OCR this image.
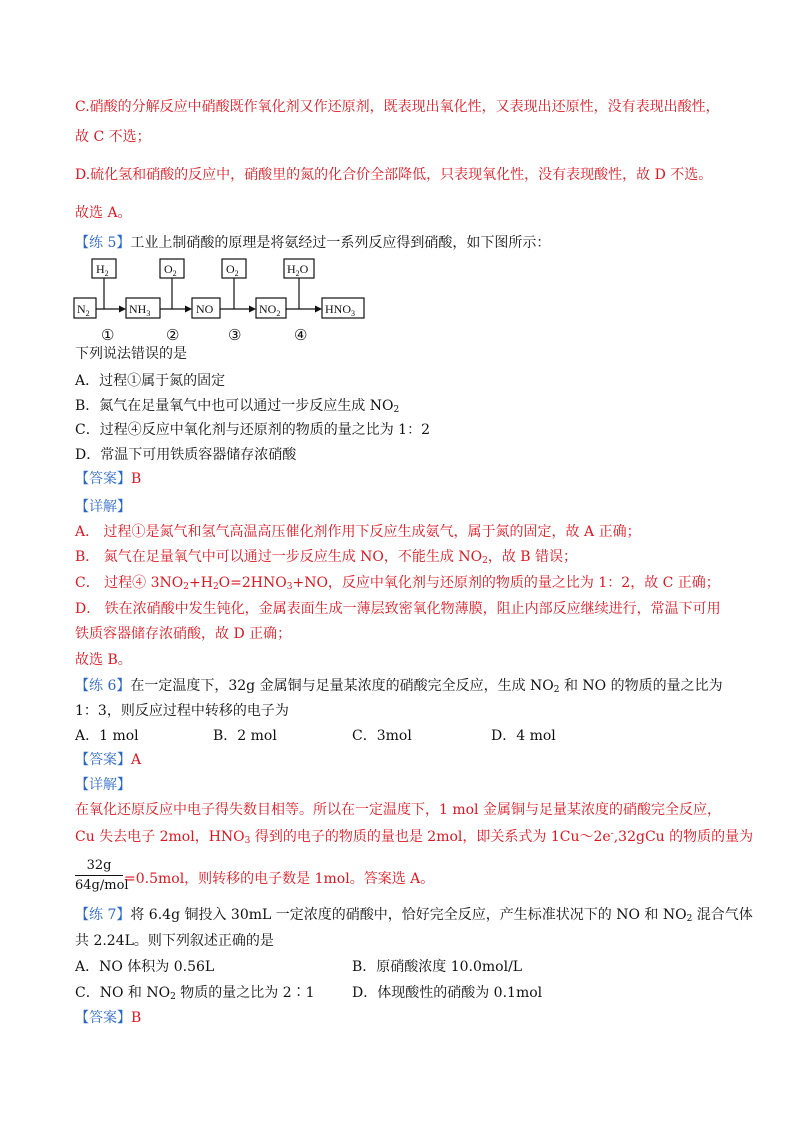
C.硝酸的分解反应中硝酸既作氧化剂又作还原剂，既表现出氧化性，又表现出还原性，没有表现出酸性，
故 C 不选；
D.硫化氢和硝酸的反应中，硝酸里的氮的化合价全部降低，只表现氧化性，没有表现酸性，故 D 不选。
故选 A。
【练 5】工业上制硝酸的原理是将氨经过一系列反应得到硝酸，如下图所示：
$H_2$	$O_2$	$O_2$	$H_2O$
$N_2$	$NH_3$	NO	$NO_2$	$HNO_3$
①	②	③	④
下列说法错误的是
A．过程①属于氮的固定
B．氮气在足量氧气中也可以通过一步反应生成 $NO_2$
C．过程④反应中氧化剂与还原剂的物质的量之比为 1：2
D．常温下可用铁质容器储存浓硝酸
【答案】B
【详解】
A． 过程①是氮气和氢气高温高压催化剂作用下反应生成氨气，属于氮的固定，故 A 正确；
B． 氮气在足量氧气中可以通过一步反应生成 NO，不能生成 $NO_2$，故 B 错误；
C． 过程④ $3NO_2+H_2O=2HNO_3+NO$，反应中氧化剂与还原剂的物质的量之比为 1：2，故 C 正确；
D． 铁在浓硝酸中发生钝化，金属表面生成一薄层致密氧化物薄膜，阻止内部反应继续进行，常温下可用
铁质容器储存浓硝酸，故 D 正确；
故选 B。
【练 6】在一定温度下，32g 金属铜与足量某浓度的硝酸完全反应，生成 $NO_2$ 和 NO 的物质的量之比为
1：3，则反应过程中转移的电子为
A．1 mol	B．2 mol	C．3mol	D．4 mol
【答案】A
【详解】
在氧化还原反应中电子得失数目相等。所以在一定温度下，1 mol 金属铜与足量某浓度的硝酸完全反应，
Cu 失去电子 2mol，$HNO_3$ 得到的电子的物质的量也是 2mol，即关系式为 1Cu～2e-,32gCu 的物质的量为
32g
64g/mol
=0.5mol，则转移的电子数是 1mol。答案选 A。
【练 7】将 6.4g 铜投入 30mL 一定浓度的硝酸中，恰好完全反应，产生标准状况下的 NO 和 $NO_2$ 混合气体
共 2.24L。则下列叙述正确的是
A．NO 体积为 0.56L	B．原硝酸浓度 10.0mol/L
C．NO 和 $NO_2$ 物质的量之比为 2∶1	D．体现酸性的硝酸为 0.1mol
【答案】B
